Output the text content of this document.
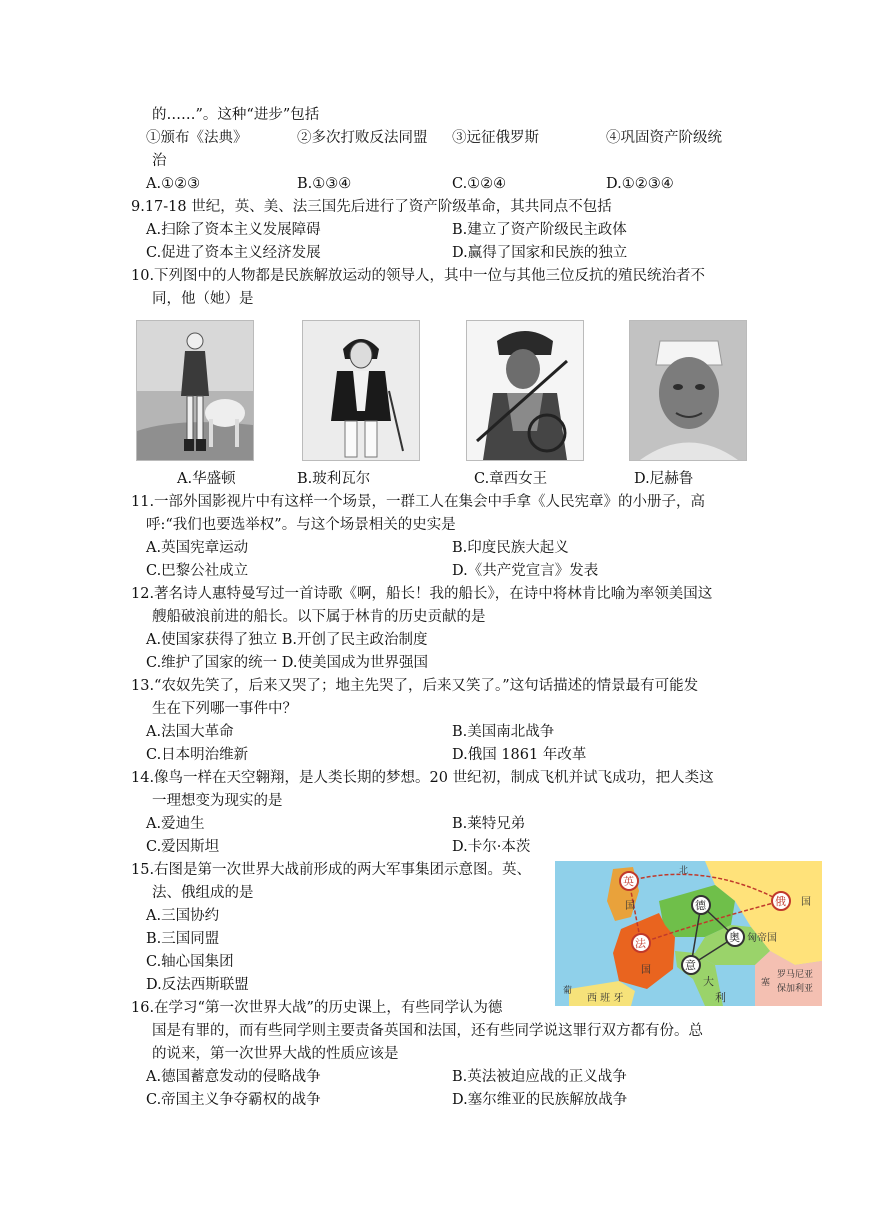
的……”。这种“进步”包括
①颁布《法典》	②多次打败反法同盟 ③远征俄罗斯	④巩固资产阶级统
治
A.①②③	B.①③④	C.①②④	D.①②③④
9.17-18 世纪，英、美、法三国先后进行了资产阶级革命，其共同点不包括
A.扫除了资本主义发展障碍	B.建立了资产阶级民主政体
C.促进了资本主义经济发展	D.赢得了国家和民族的独立
10.下列图中的人物都是民族解放运动的领导人，其中一位与其他三位反抗的殖民统治者不
同，他（她）是
A.华盛顿	B.玻利瓦尔	C.章西女王	D.尼赫鲁
11.一部外国影视片中有这样一个场景，一群工人在集会中手拿《人民宪章》的小册子，高
呼:“我们也要选举权”。与这个场景相关的史实是
A.英国宪章运动	B.印度民族大起义
C.巴黎公社成立	D.《共产党宣言》发表
12.著名诗人惠特曼写过一首诗歌《啊，船长！我的船长》，在诗中将林肯比喻为率领美国这
艘船破浪前进的船长。以下属于林肯的历史贡献的是
A.使国家获得了独立 B.开创了民主政治制度
C.维护了国家的统一 D.使美国成为世界强国
13.“农奴先笑了，后来又哭了；地主先哭了，后来又笑了。”这句话描述的情景最有可能发
生在下列哪一事件中？
A.法国大革命	B.美国南北战争
C.日本明治维新	D.俄国 1861 年改革
14.像鸟一样在天空翱翔，是人类长期的梦想。20 世纪初，制成飞机并试飞成功，把人类这
一理想变为现实的是
A.爱迪生	B.莱特兄弟
C.爱因斯坦	D.卡尔·本茨
15.右图是第一次世界大战前形成的两大军事集团示意图。英、
法、俄组成的是
A.三国协约
B.三国同盟
C.轴心国集团
D.反法西斯联盟
英
国	德	俄 国
法
国
奥 匈帝国
意
大
利
西 班 牙
葡
罗马尼亚
保加利亚
塞
北
16.在学习“第一次世界大战”的历史课上，有些同学认为德
国是有罪的，而有些同学则主要责备英国和法国，还有些同学说这罪行双方都有份。总
的说来，第一次世界大战的性质应该是
A.德国蓄意发动的侵略战争	B.英法被迫应战的正义战争
C.帝国主义争夺霸权的战争	D.塞尔维亚的民族解放战争
